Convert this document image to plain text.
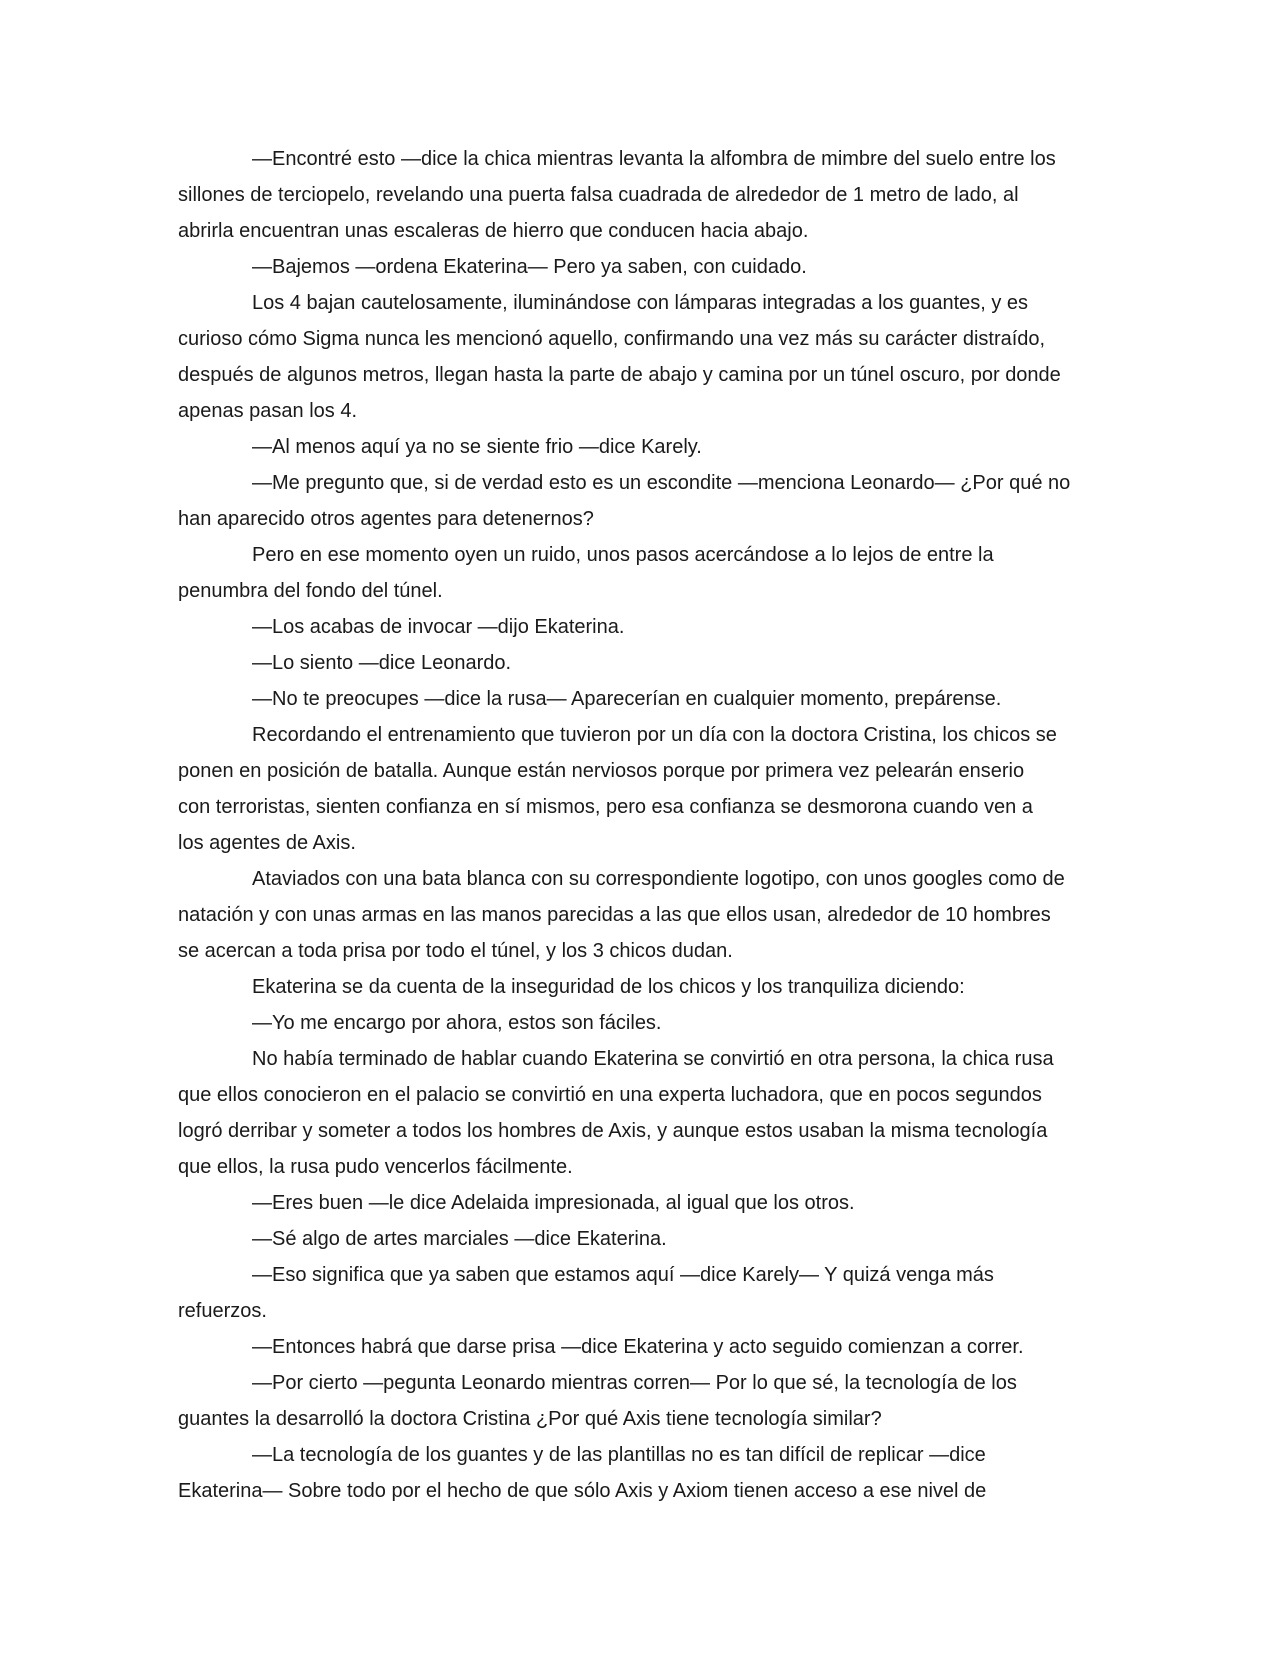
—Encontré esto —dice la chica mientras levanta la alfombra de mimbre del suelo entre los
sillones de terciopelo, revelando una puerta falsa cuadrada de alrededor de 1 metro de lado, al
abrirla encuentran unas escaleras de hierro que conducen hacia abajo.

—Bajemos —ordena Ekaterina— Pero ya saben, con cuidado.

Los 4 bajan cautelosamente, iluminándose con lámparas integradas a los guantes, y es
curioso cómo Sigma nunca les mencionó aquello, confirmando una vez más su carácter distraído,
después de algunos metros, llegan hasta la parte de abajo y camina por un túnel oscuro, por donde
apenas pasan los 4.

—Al menos aquí ya no se siente frio —dice Karely.

—Me pregunto que, si de verdad esto es un escondite —menciona Leonardo— ¿Por qué no
han aparecido otros agentes para detenernos?

Pero en ese momento oyen un ruido, unos pasos acercándose a lo lejos de entre la
penumbra del fondo del túnel.

—Los acabas de invocar —dijo Ekaterina.

—Lo siento —dice Leonardo.

—No te preocupes —dice la rusa— Aparecerían en cualquier momento, prepárense.

Recordando el entrenamiento que tuvieron por un día con la doctora Cristina, los chicos se
ponen en posición de batalla. Aunque están nerviosos porque por primera vez pelearán enserio
con terroristas, sienten confianza en sí mismos, pero esa confianza se desmorona cuando ven a
los agentes de Axis.

Ataviados con una bata blanca con su correspondiente logotipo, con unos googles como de
natación y con unas armas en las manos parecidas a las que ellos usan, alrededor de 10 hombres
se acercan a toda prisa por todo el túnel, y los 3 chicos dudan.

Ekaterina se da cuenta de la inseguridad de los chicos y los tranquiliza diciendo:

—Yo me encargo por ahora, estos son fáciles.

No había terminado de hablar cuando Ekaterina se convirtió en otra persona, la chica rusa
que ellos conocieron en el palacio se convirtió en una experta luchadora, que en pocos segundos
logró derribar y someter a todos los hombres de Axis, y aunque estos usaban la misma tecnología
que ellos, la rusa pudo vencerlos fácilmente.

—Eres buen —le dice Adelaida impresionada, al igual que los otros.

—Sé algo de artes marciales —dice Ekaterina.

—Eso significa que ya saben que estamos aquí —dice Karely— Y quizá venga más
refuerzos.

—Entonces habrá que darse prisa —dice Ekaterina y acto seguido comienzan a correr.

—Por cierto —pegunta Leonardo mientras corren— Por lo que sé, la tecnología de los
guantes la desarrolló la doctora Cristina ¿Por qué Axis tiene tecnología similar?

—La tecnología de los guantes y de las plantillas no es tan difícil de replicar —dice
Ekaterina— Sobre todo por el hecho de que sólo Axis y Axiom tienen acceso a ese nivel de
